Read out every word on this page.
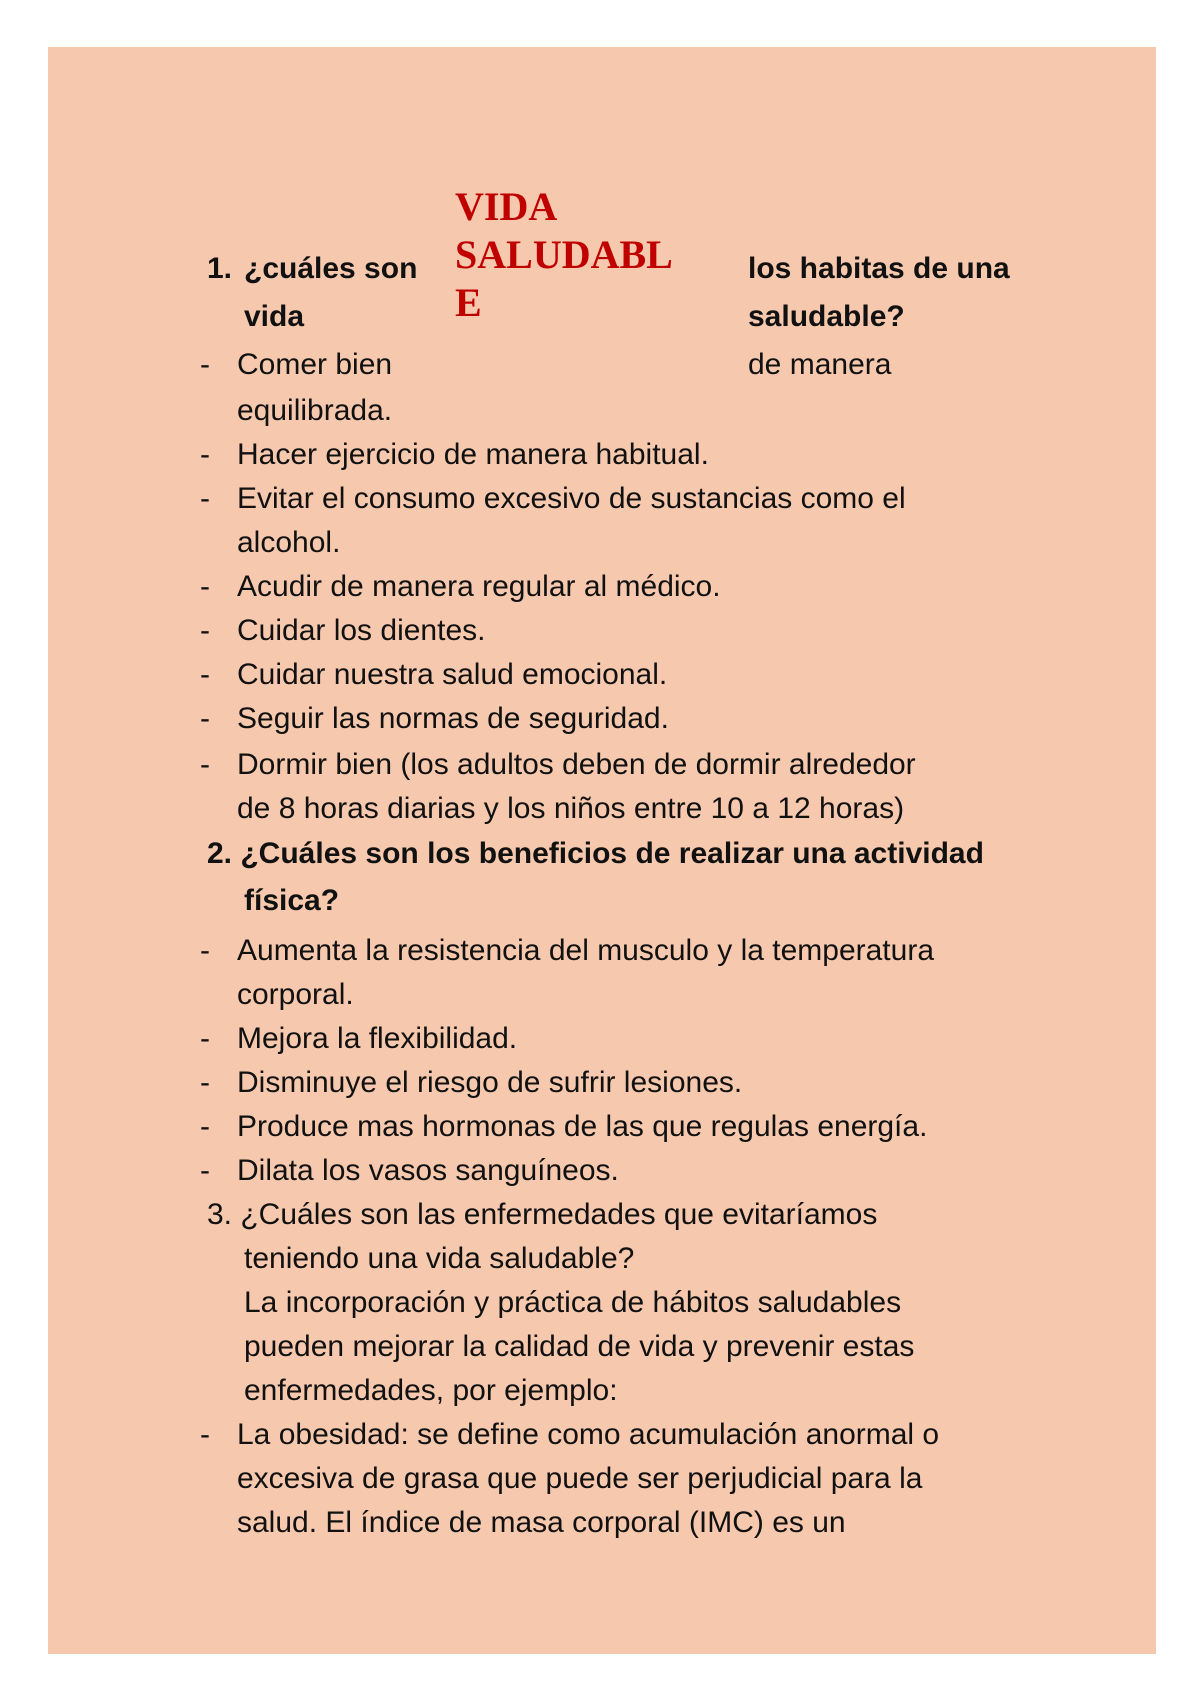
VIDA
SALUDABL
E
1. ¿cuáles son	los habitas de una
vida	saludable?
- Comer bien	de manera
equilibrada.
- Hacer ejercicio de manera habitual.
- Evitar el consumo excesivo de sustancias como el
alcohol.
- Acudir de manera regular al médico.
- Cuidar los dientes.
- Cuidar nuestra salud emocional.
- Seguir las normas de seguridad.
- Dormir bien (los adultos deben de dormir alrededor
de 8 horas diarias y los niños entre 10 a 12 horas)
2. ¿Cuáles son los beneficios de realizar una actividad
física?
- Aumenta la resistencia del musculo y la temperatura
corporal.
- Mejora la flexibilidad.
- Disminuye el riesgo de sufrir lesiones.
- Produce mas hormonas de las que regulas energía.
- Dilata los vasos sanguíneos.
3. ¿Cuáles son las enfermedades que evitaríamos
teniendo una vida saludable?
La incorporación y práctica de hábitos saludables
pueden mejorar la calidad de vida y prevenir estas
enfermedades, por ejemplo:
- La obesidad: se define como acumulación anormal o
excesiva de grasa que puede ser perjudicial para la
salud. El índice de masa corporal (IMC) es un
